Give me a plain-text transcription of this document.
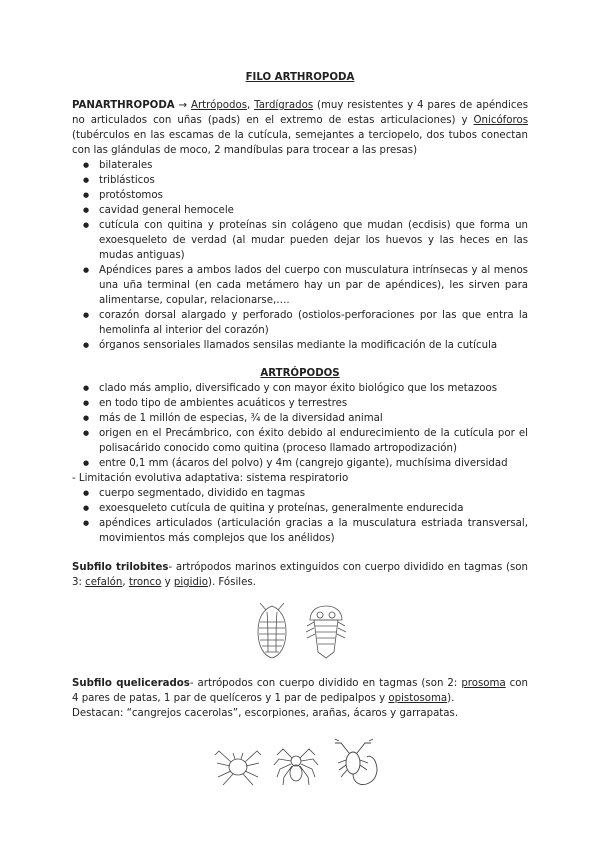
FILO ARTHROPODA

PANARTHROPODA → Artrópodos, Tardígrados (muy resistentes y 4 pares de apéndices no articulados con uñas (pads) en el extremo de estas articulaciones) y Onicóforos (tubérculos en las escamas de la cutícula, semejantes a terciopelo, dos tubos conectan con las glándulas de moco, 2 mandíbulas para trocear a las presas)

● bilaterales
● triblásticos
● protóstomos
● cavidad general hemocele
● cutícula con quitina y proteínas sin colágeno que mudan (ecdisis) que forma un exoesqueleto de verdad (al mudar pueden dejar los huevos y las heces en las mudas antiguas)
● Apéndices pares a ambos lados del cuerpo con musculatura intrínsecas y al menos una uña terminal (en cada metámero hay un par de apéndices), les sirven para alimentarse, copular, relacionarse,….
● corazón dorsal alargado y perforado (ostiolos-perforaciones por las que entra la hemolinfa al interior del corazón)
● órganos sensoriales llamados sensilas mediante la modificación de la cutícula

ARTRÓPODOS

● clado más amplio, diversificado y con mayor éxito biológico que los metazoos
● en todo tipo de ambientes acuáticos y terrestres
● más de 1 millón de especias, ¾ de la diversidad animal
● origen en el Precámbrico, con éxito debido al endurecimiento de la cutícula por el polisacárido conocido como quitina (proceso llamado artropodización)
● entre 0,1 mm (ácaros del polvo) y 4m (cangrejo gigante), muchísima diversidad

- Limitación evolutiva adaptativa: sistema respiratorio

● cuerpo segmentado, dividido en tagmas
● exoesqueleto cutícula de quitina y proteínas, generalmente endurecida
● apéndices articulados (articulación gracias a la musculatura estriada transversal, movimientos más complejos que los anélidos)

Subfilo trilobites- artrópodos marinos extinguidos con cuerpo dividido en tagmas (son 3: cefalón, tronco y pigidio). Fósiles.

Subfilo quelicerados- artrópodos con cuerpo dividido en tagmas (son 2: prosoma con 4 pares de patas, 1 par de quelíceros y 1 par de pedipalpos y opistosoma).

Destacan: “cangrejos cacerolas”, escorpiones, arañas, ácaros y garrapatas.
